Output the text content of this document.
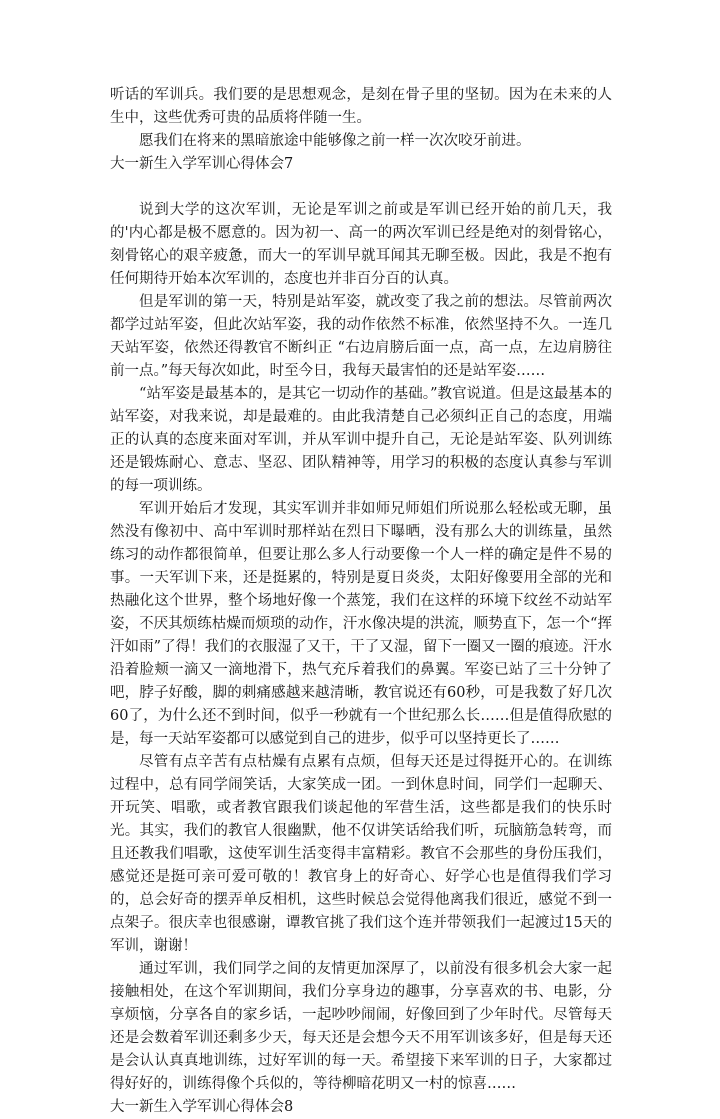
听话的军训兵。我们要的是思想观念，是刻在骨子里的坚韧。因为在未来的人生中，这些优秀可贵的品质将伴随一生。

愿我们在将来的黑暗旅途中能够像之前一样一次次咬牙前进。

大一新生入学军训心得体会7

说到大学的这次军训，无论是军训之前或是军训已经开始的前几天，我的'内心都是极不愿意的。因为初一、高一的两次军训已经是绝对的刻骨铭心，刻骨铭心的艰辛疲惫，而大一的军训早就耳闻其无聊至极。因此，我是不抱有任何期待开始本次军训的，态度也并非百分百的认真。

但是军训的第一天，特别是站军姿，就改变了我之前的想法。尽管前两次都学过站军姿，但此次站军姿，我的动作依然不标准，依然坚持不久。一连几天站军姿，依然还得教官不断纠正 “右边肩膀后面一点，高一点，左边肩膀往前一点。”每天每次如此，时至今日，我每天最害怕的还是站军姿……

“站军姿是最基本的，是其它一切动作的基础。”教官说道。但是这最基本的站军姿，对我来说，却是最难的。由此我清楚自己必须纠正自己的态度，用端正的认真的态度来面对军训，并从军训中提升自己，无论是站军姿、队列训练还是锻炼耐心、意志、坚忍、团队精神等，用学习的积极的态度认真参与军训的每一项训练。

军训开始后才发现，其实军训并非如师兄师姐们所说那么轻松或无聊，虽然没有像初中、高中军训时那样站在烈日下曝晒，没有那么大的训练量，虽然练习的动作都很简单，但要让那么多人行动要像一个人一样的确定是件不易的事。一天军训下来，还是挺累的，特别是夏日炎炎，太阳好像要用全部的光和热融化这个世界，整个场地好像一个蒸笼，我们在这样的环境下纹丝不动站军姿，不厌其烦练枯燥而烦琐的动作，汗水像决堤的洪流，顺势直下，怎一个“挥汗如雨”了得！我们的衣服湿了又干，干了又湿，留下一圈又一圈的痕迹。汗水沿着脸颊一滴又一滴地滑下，热气充斥着我们的鼻翼。军姿已站了三十分钟了吧，脖子好酸，脚的刺痛感越来越清晰，教官说还有60秒，可是我数了好几次60了，为什么还不到时间，似乎一秒就有一个世纪那么长……但是值得欣慰的是，每一天站军姿都可以感觉到自己的进步，似乎可以坚持更长了……

尽管有点辛苦有点枯燥有点累有点烦，但每天还是过得挺开心的。在训练过程中，总有同学闹笑话，大家笑成一团。一到休息时间，同学们一起聊天、开玩笑、唱歌，或者教官跟我们谈起他的军营生活，这些都是我们的快乐时光。其实，我们的教官人很幽默，他不仅讲笑话给我们听，玩脑筋急转弯，而且还教我们唱歌，这使军训生活变得丰富精彩。教官不会那些的身份压我们，感觉还是挺可亲可爱可敬的！教官身上的好奇心、好学心也是值得我们学习的，总会好奇的摆弄单反相机，这些时候总会觉得他离我们很近，感觉不到一点架子。很庆幸也很感谢，谭教官挑了我们这个连并带领我们一起渡过15天的军训，谢谢！

通过军训，我们同学之间的友情更加深厚了，以前没有很多机会大家一起接触相处，在这个军训期间，我们分享身边的趣事，分享喜欢的书、电影，分享烦恼，分享各自的家乡话，一起吵吵闹闹，好像回到了少年时代。尽管每天还是会数着军训还剩多少天，每天还是会想今天不用军训该多好，但是每天还是会认认真真地训练，过好军训的每一天。希望接下来军训的日子，大家都过得好好的，训练得像个兵似的，等待柳暗花明又一村的惊喜……

大一新生入学军训心得体会8
